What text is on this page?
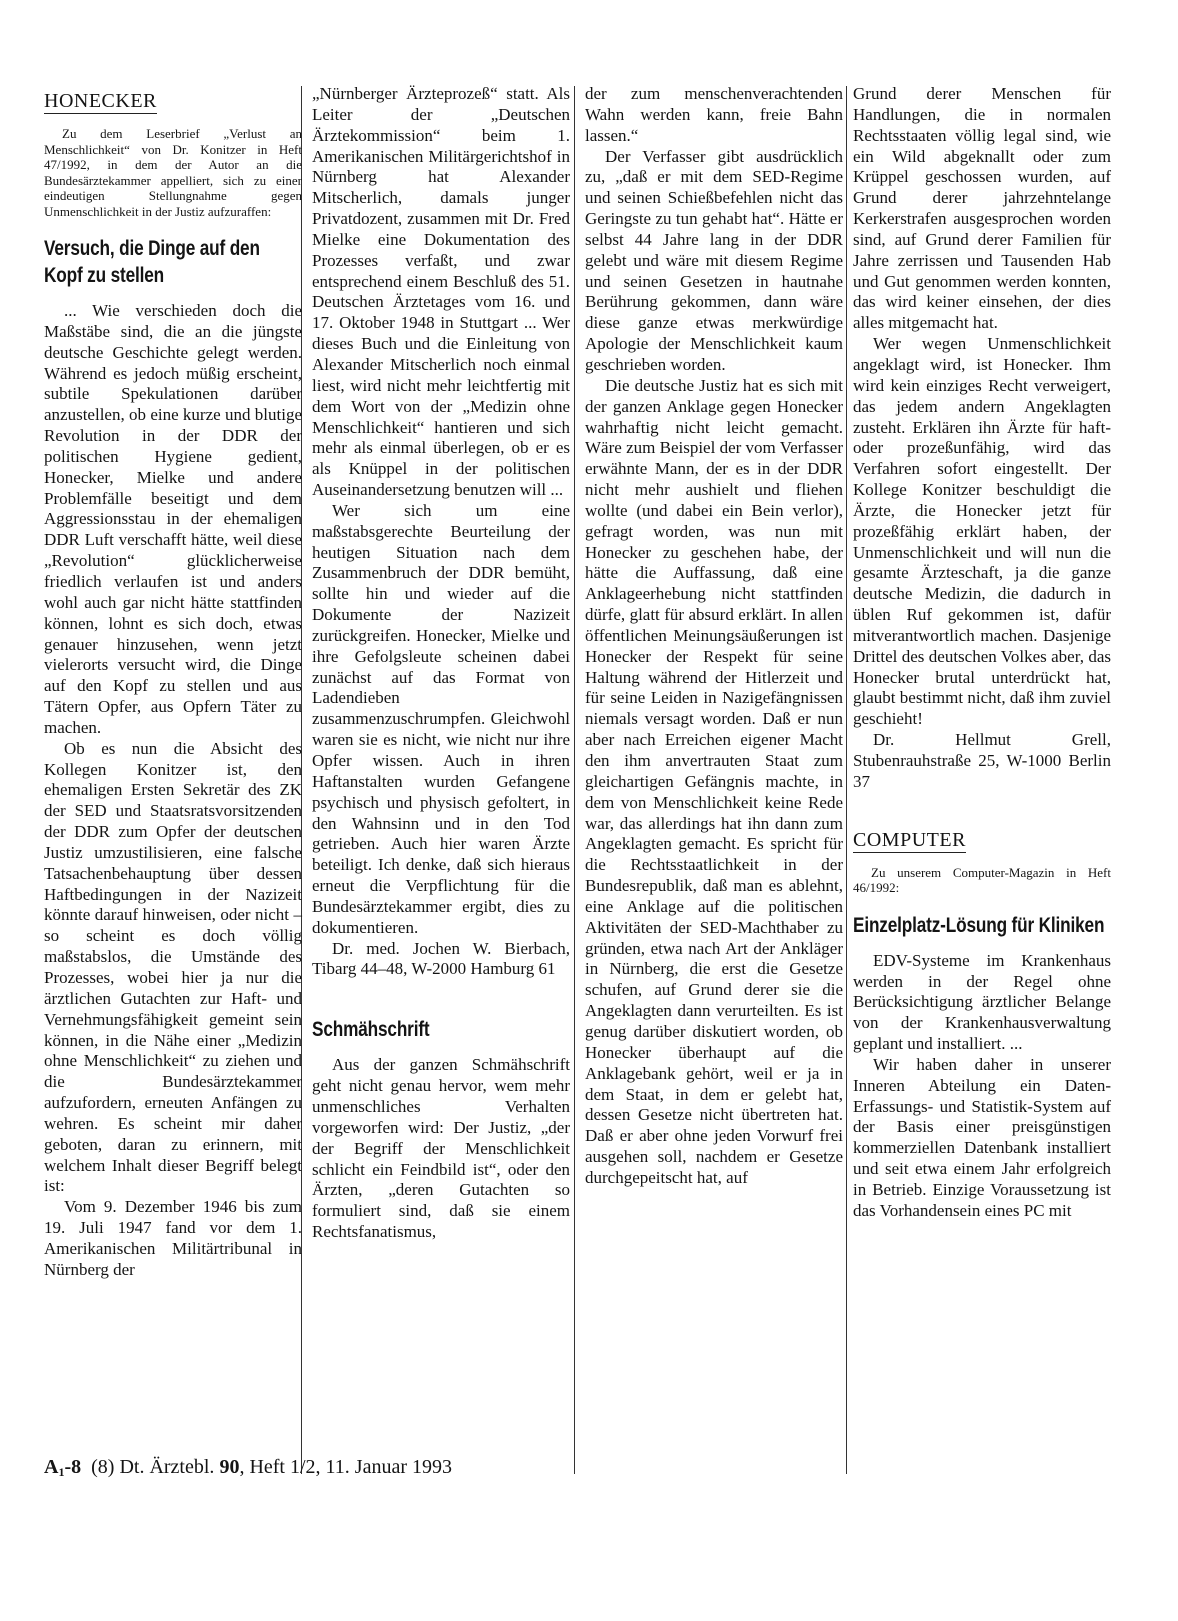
HONECKER

Zu dem Leserbrief „Verlust an Menschlichkeit“ von Dr. Konitzer in Heft 47/1992, in dem der Autor an die Bundesärztekammer appelliert, sich zu einer eindeutigen Stellungnahme gegen Unmenschlichkeit in der Justiz aufzuraffen:

Versuch, die Dinge auf den Kopf zu stellen

... Wie verschieden doch die Maßstäbe sind, die an die jüngste deutsche Geschichte gelegt werden. Während es jedoch müßig erscheint, subtile Spekulationen darüber anzustellen, ob eine kurze und blutige Revolution in der DDR der politischen Hygiene gedient, Honecker, Mielke und andere Problemfälle beseitigt und dem Aggressionsstau in der ehemaligen DDR Luft verschafft hätte, weil diese „Revolution“ glücklicherweise friedlich verlaufen ist und anders wohl auch gar nicht hätte stattfinden können, lohnt es sich doch, etwas genauer hinzusehen, wenn jetzt vielerorts versucht wird, die Dinge auf den Kopf zu stellen und aus Tätern Opfer, aus Opfern Täter zu machen.

Ob es nun die Absicht des Kollegen Konitzer ist, den ehemaligen Ersten Sekretär des ZK der SED und Staatsratsvorsitzenden der DDR zum Opfer der deutschen Justiz umzustilisieren, eine falsche Tatsachenbehauptung über dessen Haftbedingungen in der Nazizeit könnte darauf hinweisen, oder nicht – so scheint es doch völlig maßstabslos, die Umstände des Prozesses, wobei hier ja nur die ärztlichen Gutachten zur Haft- und Vernehmungsfähigkeit gemeint sein können, in die Nähe einer „Medizin ohne Menschlichkeit“ zu ziehen und die Bundesärztekammer aufzufordern, erneuten Anfängen zu wehren. Es scheint mir daher geboten, daran zu erinnern, mit welchem Inhalt dieser Begriff belegt ist:

Vom 9. Dezember 1946 bis zum 19. Juli 1947 fand vor dem 1. Amerikanischen Militärtribunal in Nürnberg der

„Nürnberger Ärzteprozeß“ statt. Als Leiter der „Deutschen Ärztekommission“ beim 1. Amerikanischen Militärgerichtshof in Nürnberg hat Alexander Mitscherlich, damals junger Privatdozent, zusammen mit Dr. Fred Mielke eine Dokumentation des Prozesses verfaßt, und zwar entsprechend einem Beschluß des 51. Deutschen Ärztetages vom 16. und 17. Oktober 1948 in Stuttgart ... Wer dieses Buch und die Einleitung von Alexander Mitscherlich noch einmal liest, wird nicht mehr leichtfertig mit dem Wort von der „Medizin ohne Menschlichkeit“ hantieren und sich mehr als einmal überlegen, ob er es als Knüppel in der politischen Auseinandersetzung benutzen will ...

Wer sich um eine maßstabsgerechte Beurteilung der heutigen Situation nach dem Zusammenbruch der DDR bemüht, sollte hin und wieder auf die Dokumente der Nazizeit zurückgreifen. Honecker, Mielke und ihre Gefolgsleute scheinen dabei zunächst auf das Format von Ladendieben zusammenzuschrumpfen. Gleichwohl waren sie es nicht, wie nicht nur ihre Opfer wissen. Auch in ihren Haftanstalten wurden Gefangene psychisch und physisch gefoltert, in den Wahnsinn und in den Tod getrieben. Auch hier waren Ärzte beteiligt. Ich denke, daß sich hieraus erneut die Verpflichtung für die Bundesärztekammer ergibt, dies zu dokumentieren.

Dr. med. Jochen W. Bierbach, Tibarg 44–48, W-2000 Hamburg 61

Schmähschrift

Aus der ganzen Schmähschrift geht nicht genau hervor, wem mehr unmenschliches Verhalten vorgeworfen wird: Der Justiz, „der der Begriff der Menschlichkeit schlicht ein Feindbild ist“, oder den Ärzten, „deren Gutachten so formuliert sind, daß sie einem Rechtsfanatismus,

der zum menschenverachtenden Wahn werden kann, freie Bahn lassen.“

Der Verfasser gibt ausdrücklich zu, „daß er mit dem SED-Regime und seinen Schießbefehlen nicht das Geringste zu tun gehabt hat“. Hätte er selbst 44 Jahre lang in der DDR gelebt und wäre mit diesem Regime und seinen Gesetzen in hautnahe Berührung gekommen, dann wäre diese ganze etwas merkwürdige Apologie der Menschlichkeit kaum geschrieben worden.

Die deutsche Justiz hat es sich mit der ganzen Anklage gegen Honecker wahrhaftig nicht leicht gemacht. Wäre zum Beispiel der vom Verfasser erwähnte Mann, der es in der DDR nicht mehr aushielt und fliehen wollte (und dabei ein Bein verlor), gefragt worden, was nun mit Honecker zu geschehen habe, der hätte die Auffassung, daß eine Anklageerhebung nicht stattfinden dürfe, glatt für absurd erklärt. In allen öffentlichen Meinungsäußerungen ist Honecker der Respekt für seine Haltung während der Hitlerzeit und für seine Leiden in Nazigefängnissen niemals versagt worden. Daß er nun aber nach Erreichen eigener Macht den ihm anvertrauten Staat zum gleichartigen Gefängnis machte, in dem von Menschlichkeit keine Rede war, das allerdings hat ihn dann zum Angeklagten gemacht. Es spricht für die Rechtsstaatlichkeit in der Bundesrepublik, daß man es ablehnt, eine Anklage auf die politischen Aktivitäten der SED-Machthaber zu gründen, etwa nach Art der Ankläger in Nürnberg, die erst die Gesetze schufen, auf Grund derer sie die Angeklagten dann verurteilten. Es ist genug darüber diskutiert worden, ob Honecker überhaupt auf die Anklagebank gehört, weil er ja in dem Staat, in dem er gelebt hat, dessen Gesetze nicht übertreten hat. Daß er aber ohne jeden Vorwurf frei ausgehen soll, nachdem er Gesetze durchgepeitscht hat, auf

Grund derer Menschen für Handlungen, die in normalen Rechtsstaaten völlig legal sind, wie ein Wild abgeknallt oder zum Krüppel geschossen wurden, auf Grund derer jahrzehntelange Kerkerstrafen ausgesprochen worden sind, auf Grund derer Familien für Jahre zerrissen und Tausenden Hab und Gut genommen werden konnten, das wird keiner einsehen, der dies alles mitgemacht hat.

Wer wegen Unmenschlichkeit angeklagt wird, ist Honecker. Ihm wird kein einziges Recht verweigert, das jedem andern Angeklagten zusteht. Erklären ihn Ärzte für haft- oder prozeßunfähig, wird das Verfahren sofort eingestellt. Der Kollege Konitzer beschuldigt die Ärzte, die Honecker jetzt für prozeßfähig erklärt haben, der Unmenschlichkeit und will nun die gesamte Ärzteschaft, ja die ganze deutsche Medizin, die dadurch in üblen Ruf gekommen ist, dafür mitverantwortlich machen. Dasjenige Drittel des deutschen Volkes aber, das Honecker brutal unterdrückt hat, glaubt bestimmt nicht, daß ihm zuviel geschieht!

Dr. Hellmut Grell, Stubenrauhstraße 25, W-1000 Berlin 37

COMPUTER

Zu unserem Computer-Magazin in Heft 46/1992:

Einzelplatz-Lösung für Kliniken

EDV-Systeme im Krankenhaus werden in der Regel ohne Berücksichtigung ärztlicher Belange von der Krankenhausverwaltung geplant und installiert. ...

Wir haben daher in unserer Inneren Abteilung ein Daten-Erfassungs- und Statistik-System auf der Basis einer preisgünstigen kommerziellen Datenbank installiert und seit etwa einem Jahr erfolgreich in Betrieb. Einzige Voraussetzung ist das Vorhandensein eines PC mit

$A_1-8$ (8) Dt. Ärztebl. 90, Heft 1/2, 11. Januar 1993
